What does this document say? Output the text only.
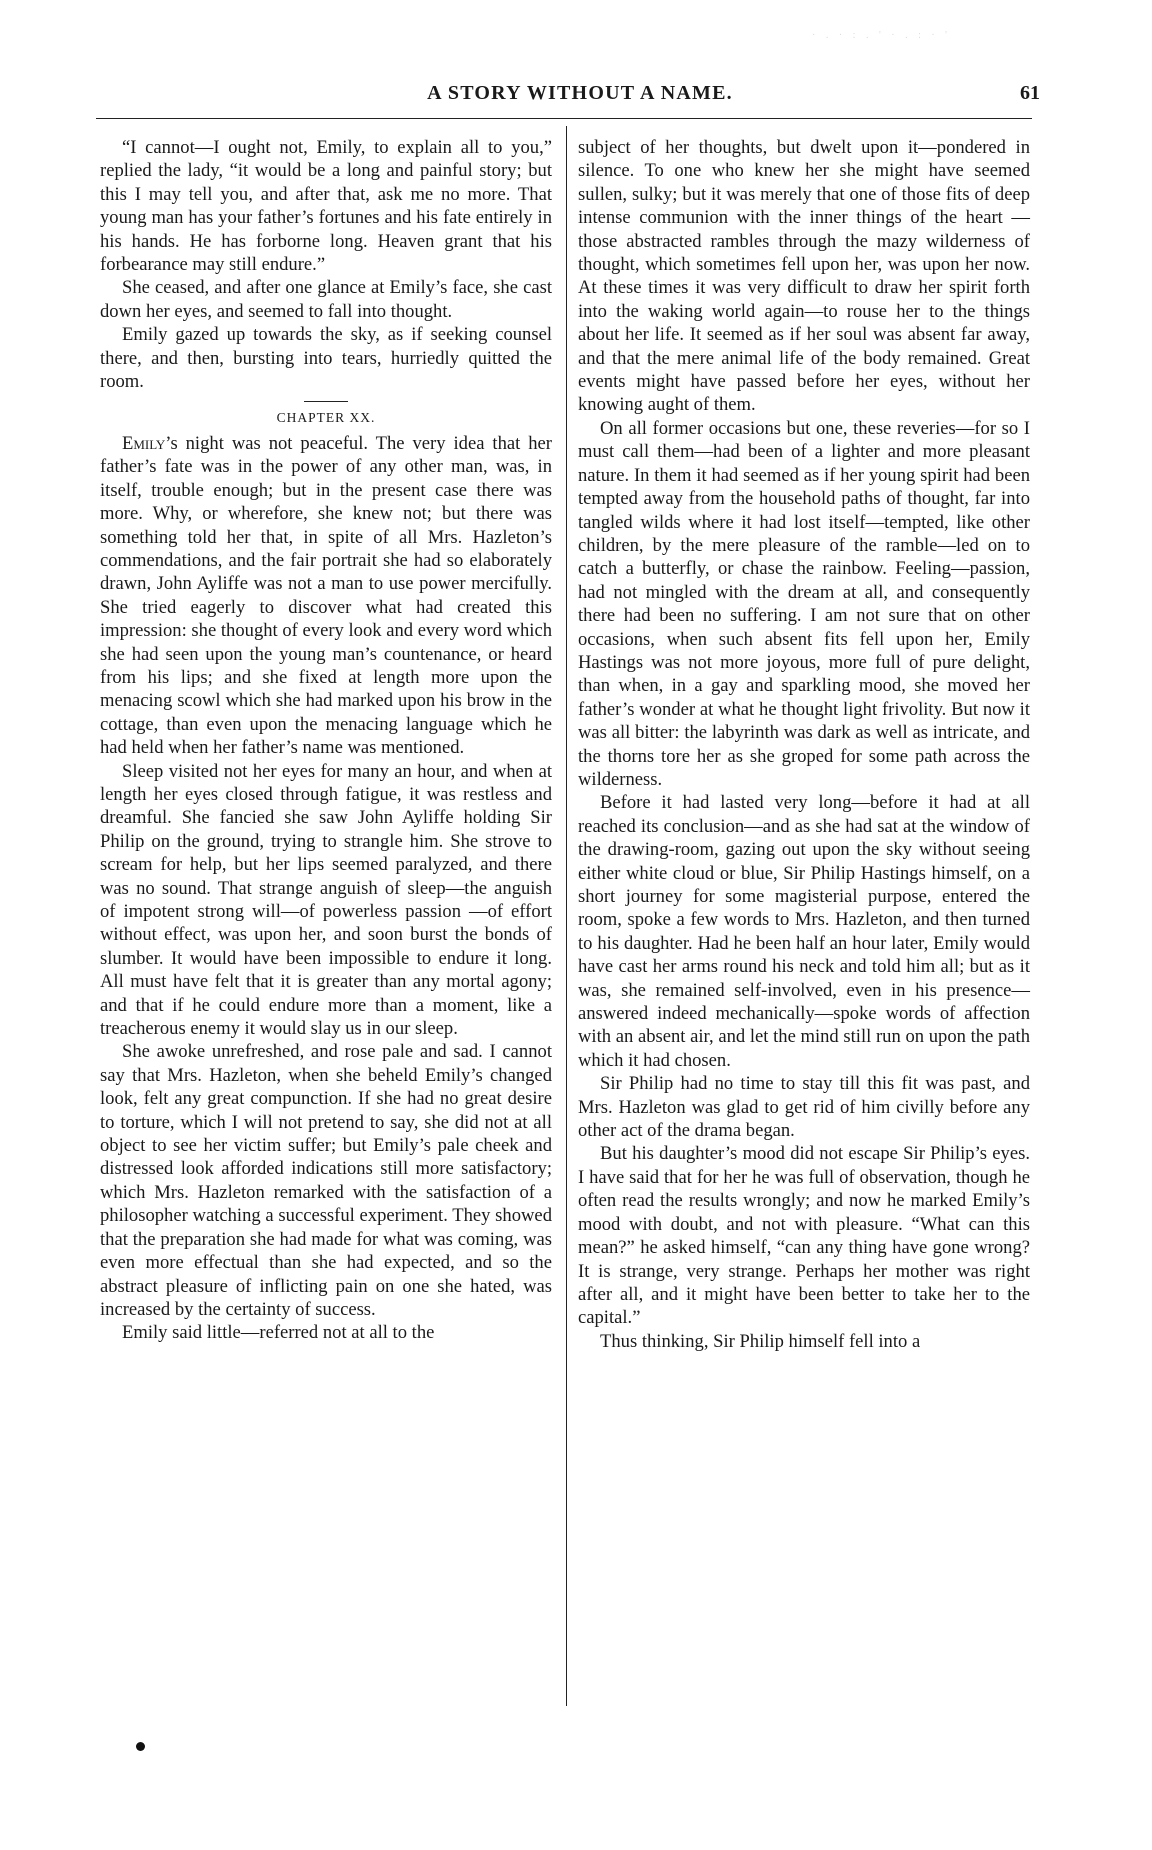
· . · : . ' · . : · '
A STORY WITHOUT A NAME.	61

“I cannot—I ought not, Emily, to explain all to you,” replied the lady, “it would be a long and painful story; but this I may tell you, and after that, ask me no more. That young man has your father’s fortunes and his fate entirely in his hands. He has forborne long. Heaven grant that his forbearance may still endure.”

She ceased, and after one glance at Emily’s face, she cast down her eyes, and seemed to fall into thought.

Emily gazed up towards the sky, as if seeking counsel there, and then, bursting into tears, hurriedly quitted the room.

CHAPTER XX.

Emily’s night was not peaceful. The very idea that her father’s fate was in the power of any other man, was, in itself, trouble enough; but in the present case there was more. Why, or wherefore, she knew not; but there was something told her that, in spite of all Mrs. Hazleton’s commendations, and the fair portrait she had so elaborately drawn, John Ayliffe was not a man to use power mercifully. She tried eagerly to discover what had created this impression: she thought of every look and every word which she had seen upon the young man’s countenance, or heard from his lips; and she fixed at length more upon the menacing scowl which she had marked upon his brow in the cottage, than even upon the menacing language which he had held when her father’s name was mentioned.

Sleep visited not her eyes for many an hour, and when at length her eyes closed through fatigue, it was restless and dreamful. She fancied she saw John Ayliffe holding Sir Philip on the ground, trying to strangle him. She strove to scream for help, but her lips seemed paralyzed, and there was no sound. That strange anguish of sleep—the anguish of impotent strong will—of powerless passion —of effort without effect, was upon her, and soon burst the bonds of slumber. It would have been impossible to endure it long. All must have felt that it is greater than any mortal agony; and that if he could endure more than a moment, like a treacherous enemy it would slay us in our sleep.

She awoke unrefreshed, and rose pale and sad. I cannot say that Mrs. Hazleton, when she beheld Emily’s changed look, felt any great compunction. If she had no great desire to torture, which I will not pretend to say, she did not at all object to see her victim suffer; but Emily’s pale cheek and distressed look afforded indications still more satisfactory; which Mrs. Hazleton remarked with the satisfaction of a philosopher watching a successful experiment. They showed that the preparation she had made for what was coming, was even more effectual than she had expected, and so the abstract pleasure of inflicting pain on one she hated, was increased by the certainty of success.

Emily said little—referred not at all to the

subject of her thoughts, but dwelt upon it—pondered in silence. To one who knew her she might have seemed sullen, sulky; but it was merely that one of those fits of deep intense communion with the inner things of the heart —those abstracted rambles through the mazy wilderness of thought, which sometimes fell upon her, was upon her now. At these times it was very difficult to draw her spirit forth into the waking world again—to rouse her to the things about her life. It seemed as if her soul was absent far away, and that the mere animal life of the body remained. Great events might have passed before her eyes, without her knowing aught of them.

On all former occasions but one, these reveries—for so I must call them—had been of a lighter and more pleasant nature. In them it had seemed as if her young spirit had been tempted away from the household paths of thought, far into tangled wilds where it had lost itself—tempted, like other children, by the mere pleasure of the ramble—led on to catch a butterfly, or chase the rainbow. Feeling—passion, had not mingled with the dream at all, and consequently there had been no suffering. I am not sure that on other occasions, when such absent fits fell upon her, Emily Hastings was not more joyous, more full of pure delight, than when, in a gay and sparkling mood, she moved her father’s wonder at what he thought light frivolity. But now it was all bitter: the labyrinth was dark as well as intricate, and the thorns tore her as she groped for some path across the wilderness.

Before it had lasted very long—before it had at all reached its conclusion—and as she had sat at the window of the drawing-room, gazing out upon the sky without seeing either white cloud or blue, Sir Philip Hastings himself, on a short journey for some magisterial purpose, entered the room, spoke a few words to Mrs. Hazleton, and then turned to his daughter. Had he been half an hour later, Emily would have cast her arms round his neck and told him all; but as it was, she remained self-involved, even in his presence—answered indeed mechanically—spoke words of affection with an absent air, and let the mind still run on upon the path which it had chosen.

Sir Philip had no time to stay till this fit was past, and Mrs. Hazleton was glad to get rid of him civilly before any other act of the drama began.

But his daughter’s mood did not escape Sir Philip’s eyes. I have said that for her he was full of observation, though he often read the results wrongly; and now he marked Emily’s mood with doubt, and not with pleasure. “What can this mean?” he asked himself, “can any thing have gone wrong? It is strange, very strange. Perhaps her mother was right after all, and it might have been better to take her to the capital.”

Thus thinking, Sir Philip himself fell into a
